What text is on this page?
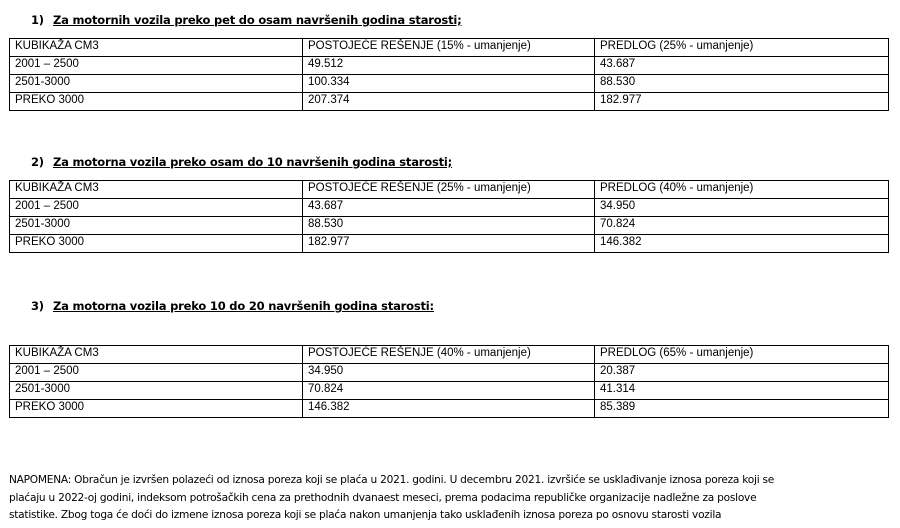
1) Za motornih vozila preko pet do osam navršenih godina starosti;
KUBIKAŽA CM3	POSTOJEĆE REŠENJE (15% - umanjenje)	PREDLOG (25% - umanjenje)
2001 – 2500	49.512	43.687
2501-3000	100.334	88.530
PREKO 3000	207.374	182.977
2) Za motorna vozila preko osam do 10 navršenih godina starosti;
KUBIKAŽA CM3	POSTOJEĆE REŠENJE (25% - umanjenje)	PREDLOG (40% - umanjenje)
2001 – 2500	43.687	34.950
2501-3000	88.530	70.824
PREKO 3000	182.977	146.382
3) Za motorna vozila preko 10 do 20 navršenih godina starosti:
KUBIKAŽA CM3	POSTOJEĆE REŠENJE (40% - umanjenje)	PREDLOG (65% - umanjenje)
2001 – 2500	34.950	20.387
2501-3000	70.824	41.314
PREKO 3000	146.382	85.389
NAPOMENA: Obračun je izvršen polazeći od iznosa poreza koji se plaća u 2021. godini. U decembru 2021. izvršiće se usklađivanje iznosa poreza koji se
plaćaju u 2022-oj godini, indeksom potrošačkih cena za prethodnih dvanaest meseci, prema podacima republičke organizacije nadležne za poslove
statistike. Zbog toga će doći do izmene iznosa poreza koji se plaća nakon umanjenja tako usklađenih iznosa poreza po osnovu starosti vozila
